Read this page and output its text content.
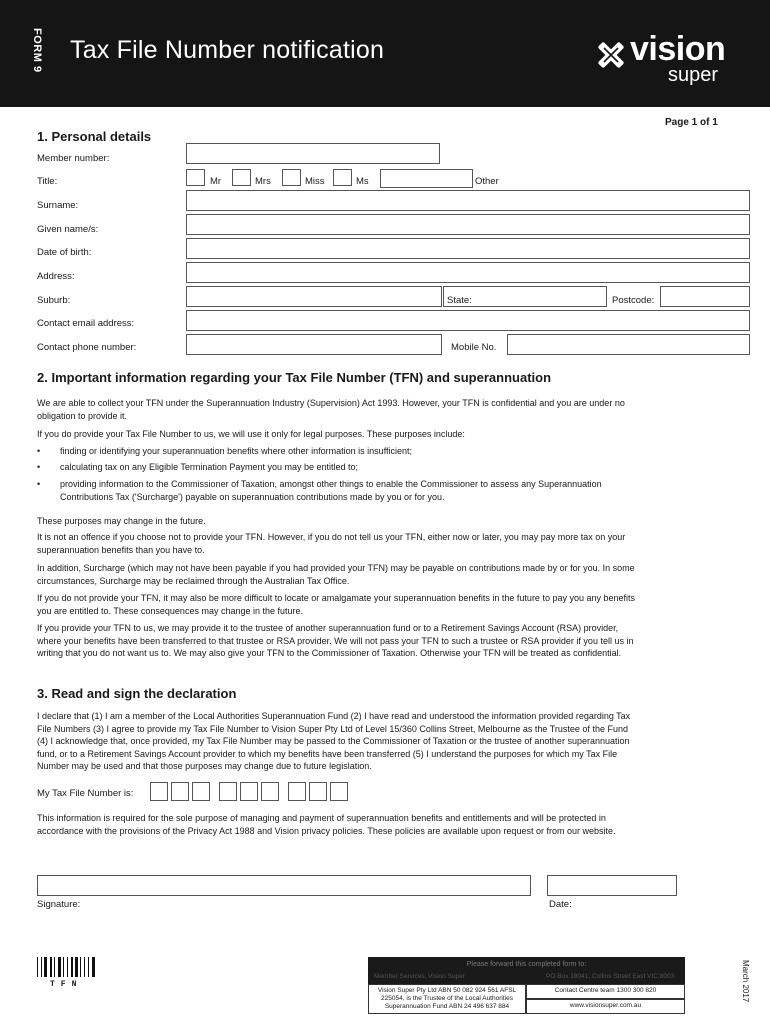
FORM 9 Tax File Number notification	vision
super
Page 1 of 1
1. Personal details
Member number:
Title:	Mr	Mrs	Miss	Ms	Other
Surname:
Given name/s:
Date of birth:
Address:
Suburb:	State:	Postcode:
Contact email address:
Contact phone number:	Mobile No.
2. Important information regarding your Tax File Number (TFN) and superannuation
We are able to collect your TFN under the Superannuation Industry (Supervision) Act 1993. However, your TFN is confidential and you are under no obligation to provide it.
If you do provide your Tax File Number to us, we will use it only for legal purposes. These purposes include:
• finding or identifying your superannuation benefits where other information is insufficient;
• calculating tax on any Eligible Termination Payment you may be entitled to;
• providing information to the Commissioner of Taxation, amongst other things to enable the Commissioner to assess any Superannuation Contributions Tax ('Surcharge') payable on superannuation contributions made by you or for you.
These purposes may change in the future.
It is not an offence if you choose not to provide your TFN. However, if you do not tell us your TFN, either now or later, you may pay more tax on your superannuation benefits than you have to.
In addition, Surcharge (which may not have been payable if you had provided your TFN) may be payable on contributions made by or for you. In some circumstances, Surcharge may be reclaimed through the Australian Tax Office.
If you do not provide your TFN, it may also be more difficult to locate or amalgamate your superannuation benefits in the future to pay you any benefits you are entitled to. These consequences may change in the future.
If you provide your TFN to us, we may provide it to the trustee of another superannuation fund or to a Retirement Savings Account (RSA) provider, where your benefits have been transferred to that trustee or RSA provider. We will not pass your TFN to such a trustee or RSA provider if you tell us in writing that you do not want us to. We may also give your TFN to the Commissioner of Taxation. Otherwise your TFN will be treated as confidential.
3. Read and sign the declaration
I declare that (1) I am a member of the Local Authorities Superannuation Fund (2) I have read and understood the information provided regarding Tax File Numbers (3) I agree to provide my Tax File Number to Vision Super Pty Ltd of Level 15/360 Collins Street, Melbourne as the Trustee of the Fund (4) I acknowledge that, once provided, my Tax File Number may be passed to the Commissioner of Taxation or the trustee of another superannuation fund, or to a Retirement Savings Account provider to which my benefits have been transferred (5) I understand the purposes for which my Tax File Number may be used and that those purposes may change due to future legislation.
My Tax File Number is:
This information is required for the sole purpose of managing and payment of superannuation benefits and entitlements and will be protected in accordance with the provisions of the Privacy Act 1988 and Vision privacy policies. These policies are available upon request or from our website.
Signature:	Date:
TFN
Please forward this completed form to:
Member Services, Vision Super	PO Box 18041, Collins Street East VIC 8003
Vision Super Pty Ltd ABN 50 082 924 561 AFSL 225054, is the Trustee of the Local Authorities Superannuation Fund ABN 24 496 637 884
Contact Centre team 1300 300 820
www.visionsuper.com.au
March 2017
